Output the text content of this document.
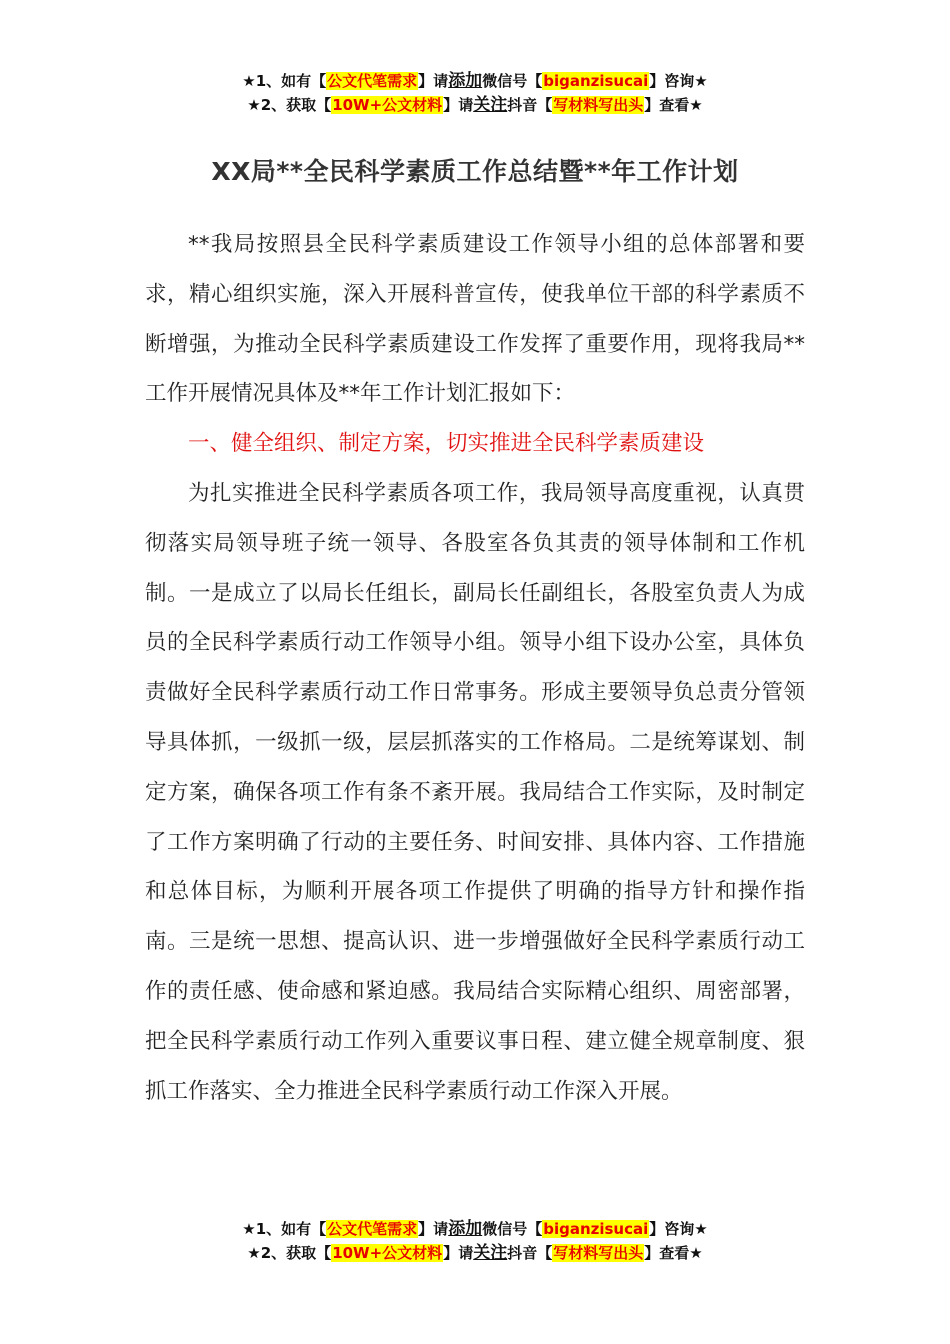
★1、如有【公文代笔需求】请添加微信号【biganzisucai】咨询★
★2、获取【10W+公文材料】请关注抖音【写材料写出头】查看★
XX局**全民科学素质工作总结暨**年工作计划

**我局按照县全民科学素质建设工作领导小组的总体部署和要求，精心组织实施，深入开展科普宣传，使我单位干部的科学素质不断增强，为推动全民科学素质建设工作发挥了重要作用，现将我局**工作开展情况具体及**年工作计划汇报如下：

一、健全组织、制定方案，切实推进全民科学素质建设

为扎实推进全民科学素质各项工作，我局领导高度重视，认真贯彻落实局领导班子统一领导、各股室各负其责的领导体制和工作机制。一是成立了以局长任组长，副局长任副组长，各股室负责人为成员的全民科学素质行动工作领导小组。领导小组下设办公室，具体负责做好全民科学素质行动工作日常事务。形成主要领导负总责分管领导具体抓，一级抓一级，层层抓落实的工作格局。二是统筹谋划、制定方案，确保各项工作有条不紊开展。我局结合工作实际，及时制定了工作方案明确了行动的主要任务、时间安排、具体内容、工作措施和总体目标，为顺利开展各项工作提供了明确的指导方针和操作指南。三是统一思想、提高认识、进一步增强做好全民科学素质行动工作的责任感、使命感和紧迫感。我局结合实际精心组织、周密部署，把全民科学素质行动工作列入重要议事日程、建立健全规章制度、狠抓工作落实、全力推进全民科学素质行动工作深入开展。

★1、如有【公文代笔需求】请添加微信号【biganzisucai】咨询★
★2、获取【10W+公文材料】请关注抖音【写材料写出头】查看★
